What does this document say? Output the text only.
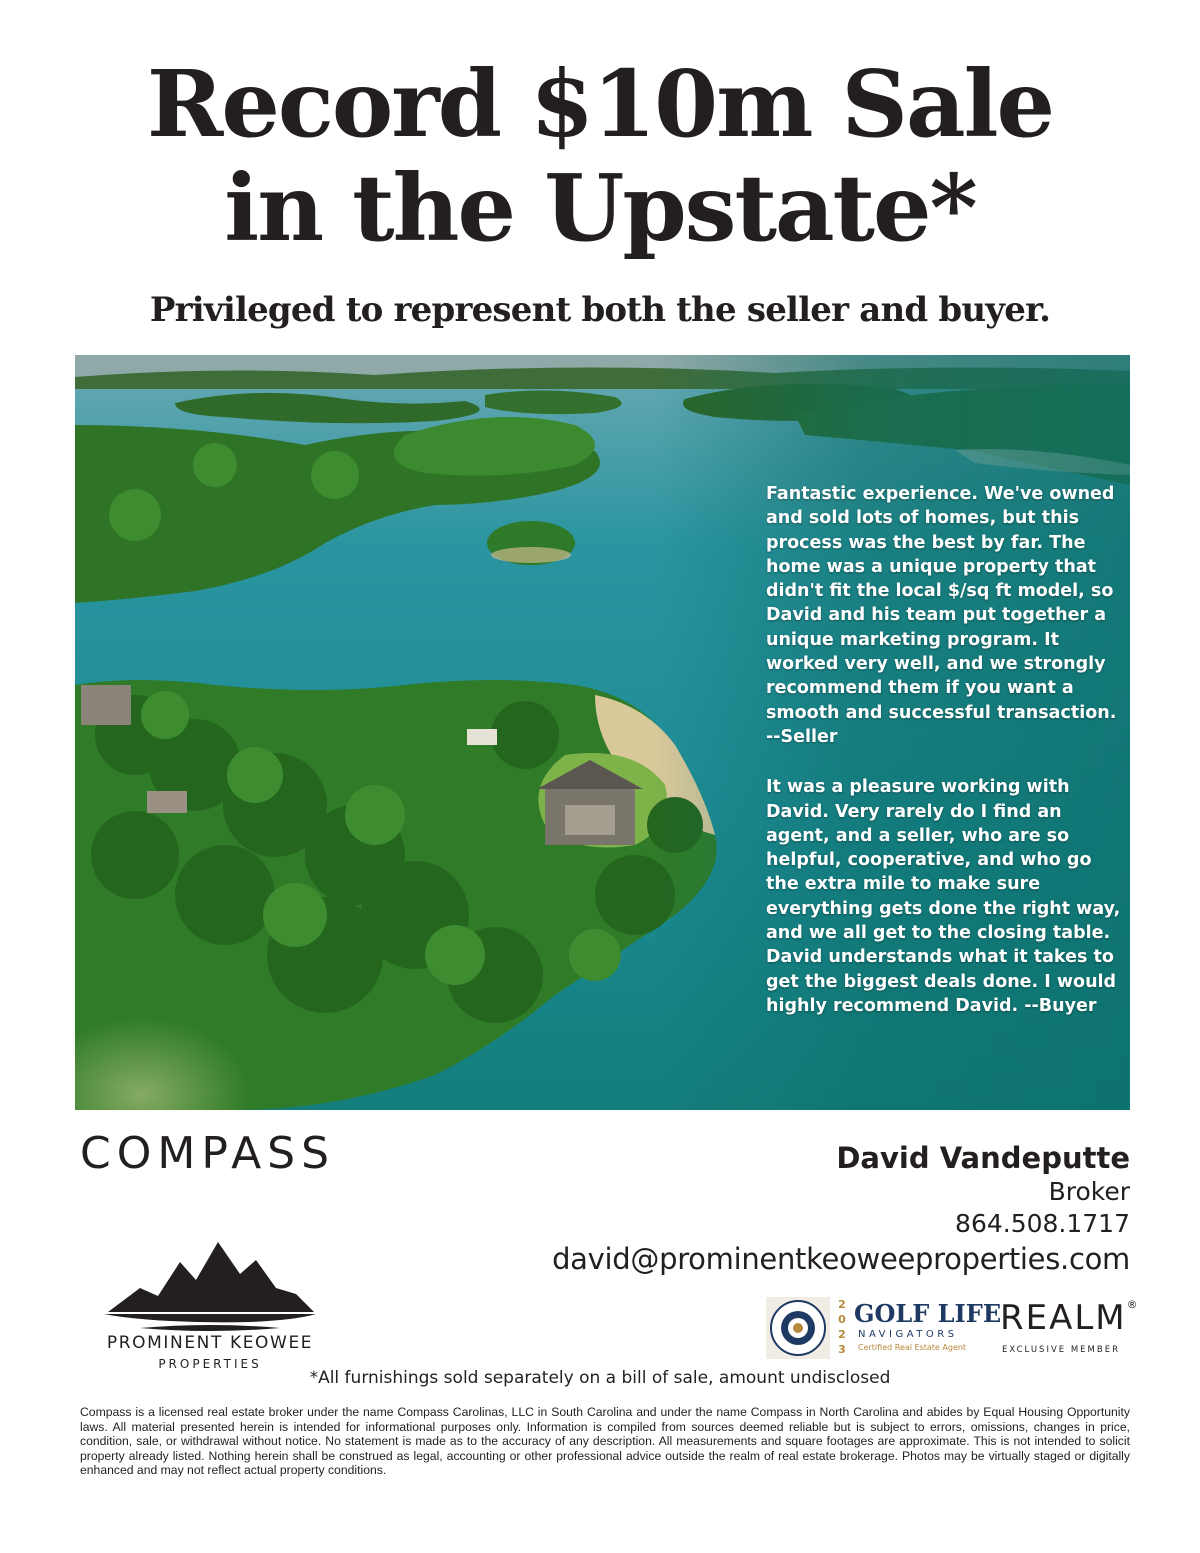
Record $10m Sale
in the Upstate*
Privileged to represent both the seller and buyer.

Fantastic experience. We've owned and sold lots of homes, but this process was the best by far. The home was a unique property that didn't fit the local $/sq ft model, so David and his team put together a unique marketing program. It worked very well, and we strongly recommend them if you want a smooth and successful transaction. --Seller

It was a pleasure working with David. Very rarely do I find an agent, and a seller, who are so helpful, cooperative, and who go the extra mile to make sure everything gets done the right way, and we all get to the closing table. David understands what it takes to get the biggest deals done. I would highly recommend David. --Buyer

COMPASS	David Vandeputte
Broker
864.508.1717
david@prominentkeoweeproperties.com
PROMINENT KEOWEE
PROPERTIES
2
0
2
3
GOLF LIFE
NAVIGATORS
Certified Real Estate Agent
REALM®
EXCLUSIVE MEMBER
*All furnishings sold separately on a bill of sale, amount undisclosed
Compass is a licensed real estate broker under the name Compass Carolinas, LLC in South Carolina and under the name Compass in North Carolina and abides by Equal Housing Opportunity laws. All material presented herein is intended for informational purposes only. Information is compiled from sources deemed reliable but is subject to errors, omissions, changes in price, condition, sale, or withdrawal without notice. No statement is made as to the accuracy of any description. All measurements and square footages are approximate. This is not intended to solicit property already listed. Nothing herein shall be construed as legal, accounting or other professional advice outside the realm of real estate brokerage. Photos may be virtually staged or digitally enhanced and may not reflect actual property conditions.
